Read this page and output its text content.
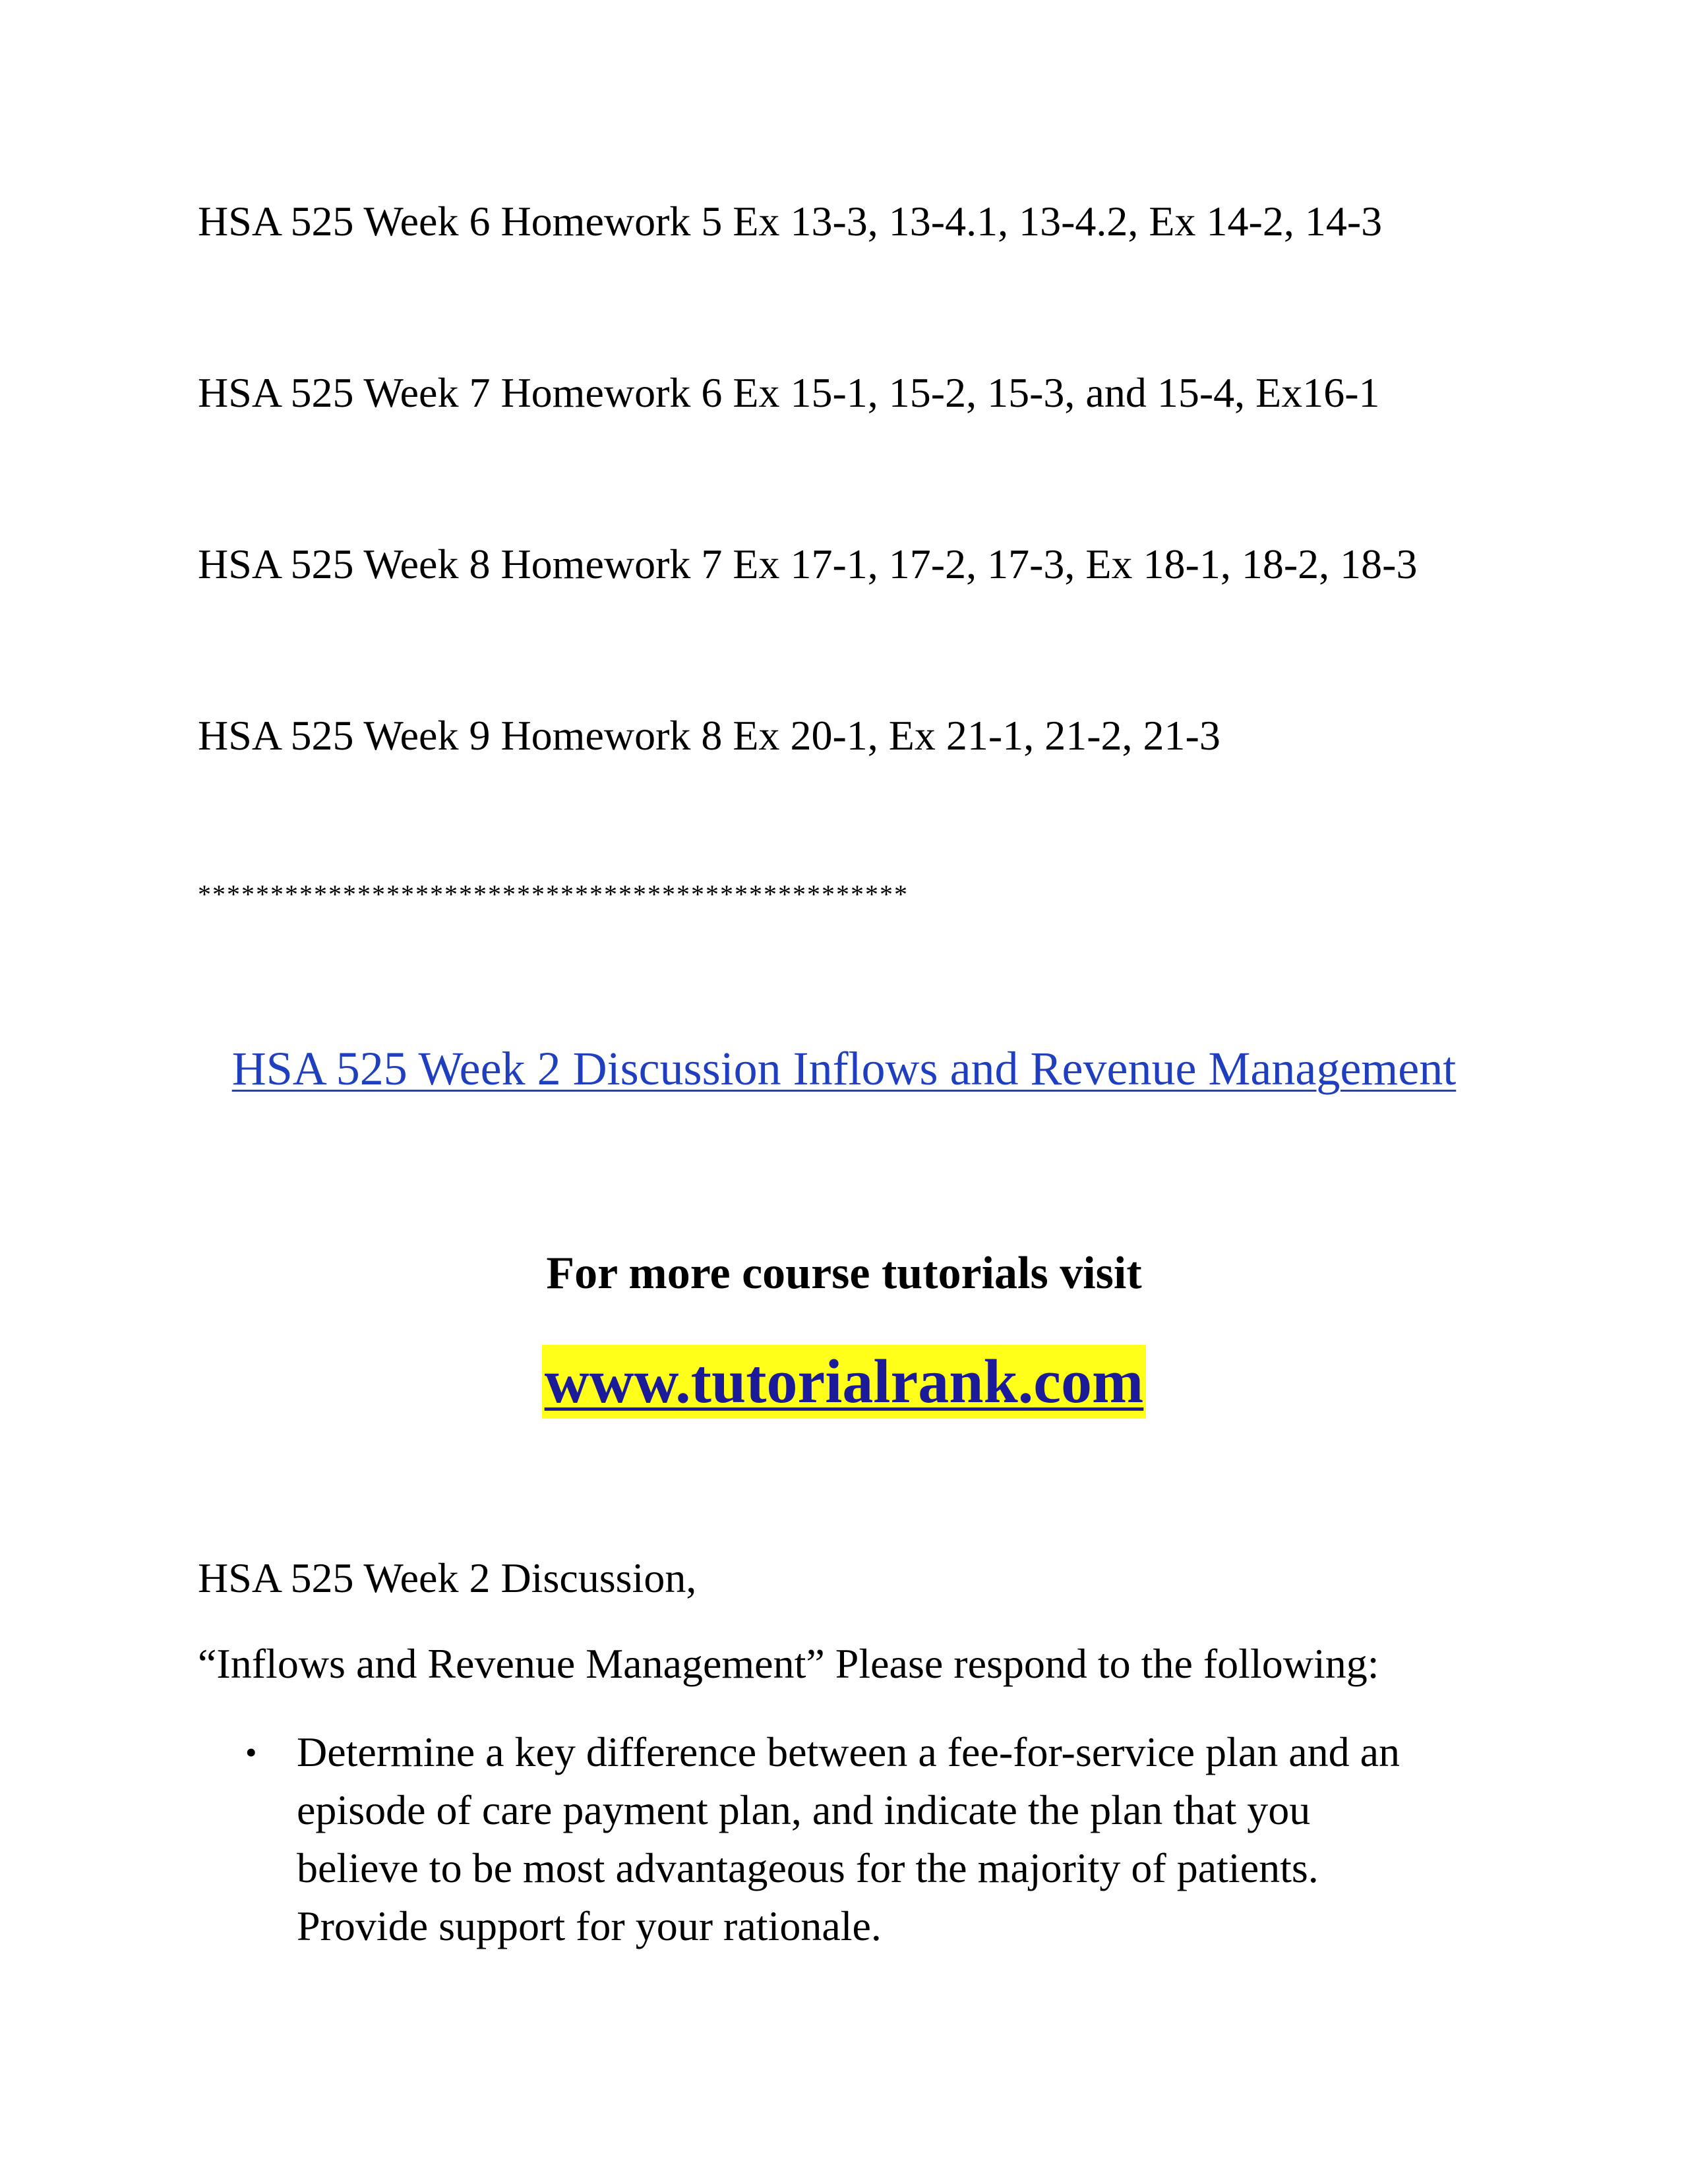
HSA 525 Week 6 Homework 5 Ex 13-3, 13-4.1, 13-4.2, Ex 14-2, 14-3

HSA 525 Week 7 Homework 6 Ex 15-1, 15-2, 15-3, and 15-4, Ex16-1

HSA 525 Week 8 Homework 7 Ex 17-1, 17-2, 17-3, Ex 18-1, 18-2, 18-3

HSA 525 Week 9 Homework 8 Ex 20-1, Ex 21-1, 21-2, 21-3

*************************************************
HSA 525 Week 2 Discussion Inflows and Revenue Management
For more course tutorials visit
www.tutorialrank.com

HSA 525 Week 2 Discussion,

“Inflows and Revenue Management” Please respond to the following:

• Determine a key difference between a fee-for-service plan and an
episode of care payment plan, and indicate the plan that you
believe to be most advantageous for the majority of patients.
Provide support for your rationale.
